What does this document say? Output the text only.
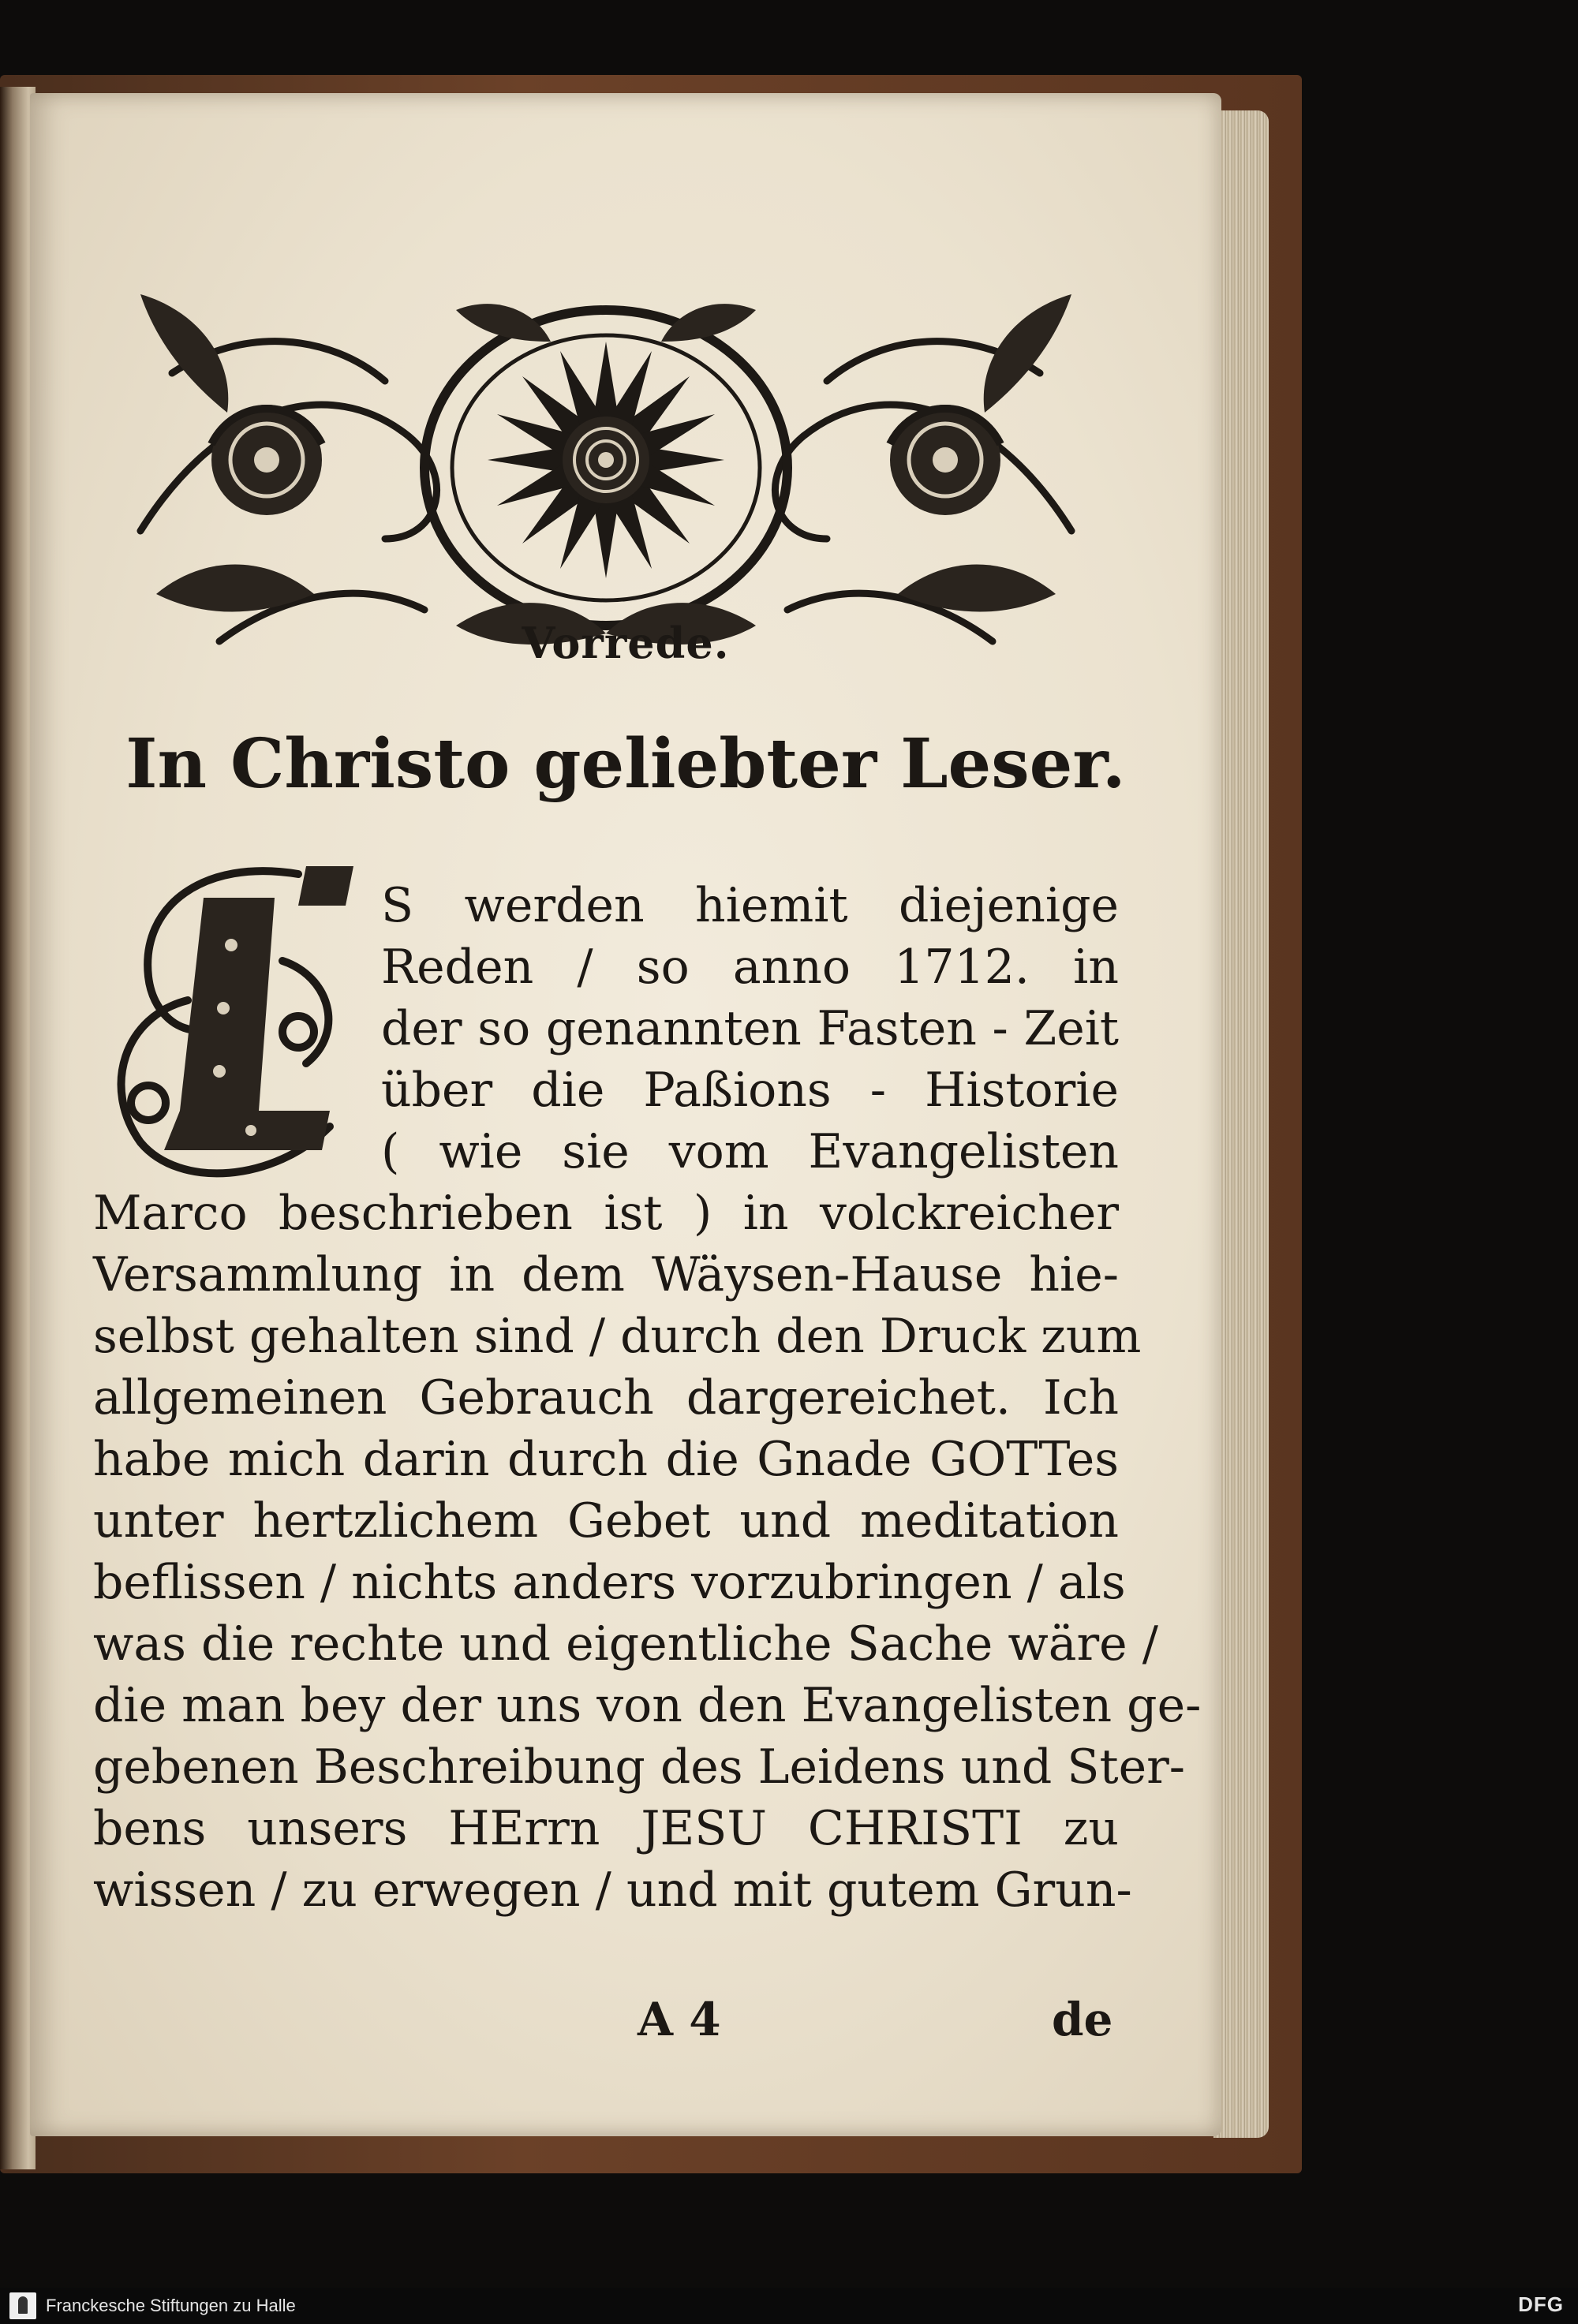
Vorrede.
In Christo geliebter Leser.
S werden hiemit diejenige
Reden / so anno 1712. in
der so genannten Fasten - Zeit
über die Paßions - Historie
( wie sie vom Evangelisten
Marco beschrieben ist ) in volckreicher
Versammlung in dem Wäysen-Hause hie-
selbst gehalten sind / durch den Druck zum
allgemeinen Gebrauch dargereichet. Ich
habe mich darin durch die Gnade GOTTes
unter hertzlichem Gebet und meditation
beflissen / nichts anders vorzubringen / als
was die rechte und eigentliche Sache wäre /
die man bey der uns von den Evangelisten ge-
gebenen Beschreibung des Leidens und Ster-
bens unsers HErrn JESU CHRISTI zu
wissen / zu erwegen / und mit gutem Grun-
A 4	de
Franckesche Stiftungen zu Halle	DFG
